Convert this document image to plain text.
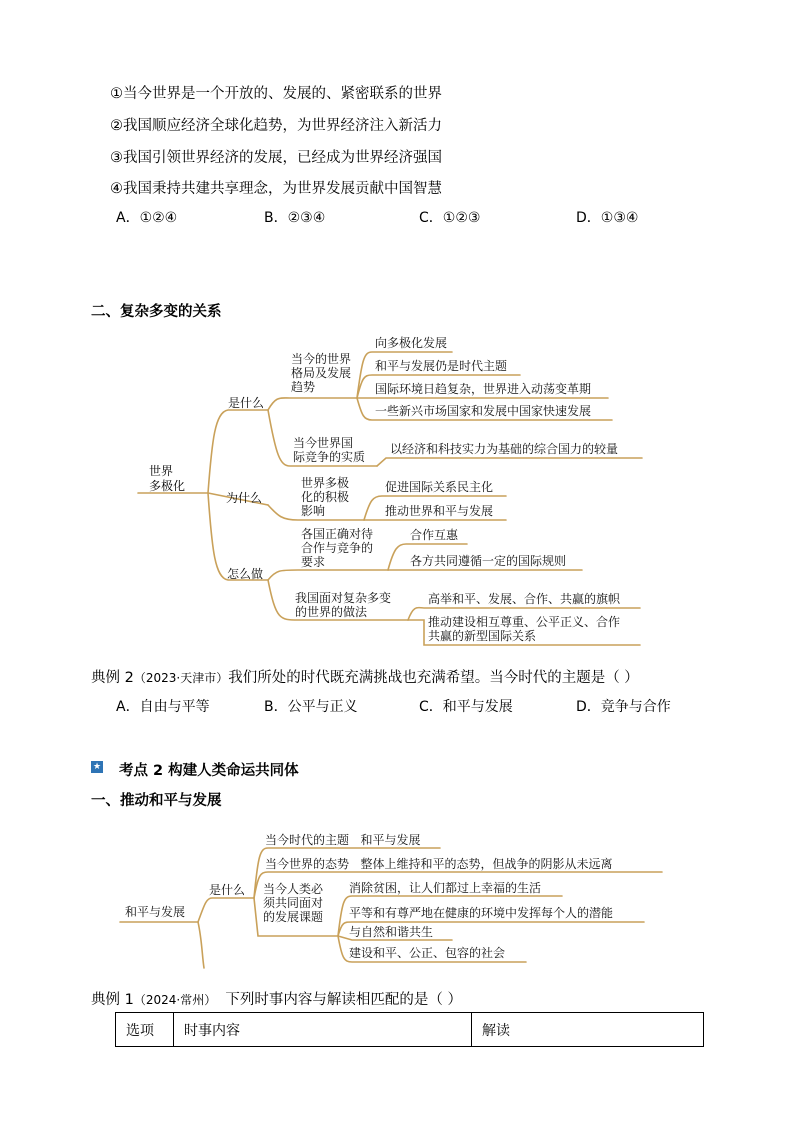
①当今世界是一个开放的、发展的、紧密联系的世界
②我国顺应经济全球化趋势，为世界经济注入新活力
③我国引领世界经济的发展，已经成为世界经济强国
④我国秉持共建共享理念，为世界发展贡献中国智慧
A．①②④	B．②③④	C．①②③	D．①③④
二、复杂多变的关系
世界
多极化
是什么
当今的世界
格局及发展
趋势
向多极化发展
和平与发展仍是时代主题
国际环境日趋复杂，世界进入动荡变革期
一些新兴市场国家和发展中国家快速发展
当今世界国
际竞争的实质
以经济和科技实力为基础的综合国力的较量
为什么
世界多极
化的积极
影响
促进国际关系民主化
推动世界和平与发展
怎么做
各国正确对待
合作与竞争的
要求
合作互惠
各方共同遵循一定的国际规则
我国面对复杂多变
的世界的做法
高举和平、发展、合作、共赢的旗帜
推动建设相互尊重、公平正义、合作
共赢的新型国际关系
典例 2（2023·天津市）我们所处的时代既充满挑战也充满希望。当今时代的主题是（ ）
A．自由与平等	B．公平与正义	C．和平与发展	D．竞争与合作
★ 考点 2 构建人类命运共同体
一、推动和平与发展
和平与发展
是什么
当今时代的主题 和平与发展
当今世界的态势 整体上维持和平的态势，但战争的阴影从未远离
当今人类必
须共同面对
的发展课题
消除贫困，让人们都过上幸福的生活
平等和有尊严地在健康的环境中发挥每个人的潜能
与自然和谐共生
建设和平、公正、包容的社会
典例 1（2024·常州） 下列时事内容与解读相匹配的是（ ）
选项	时事内容	解读
